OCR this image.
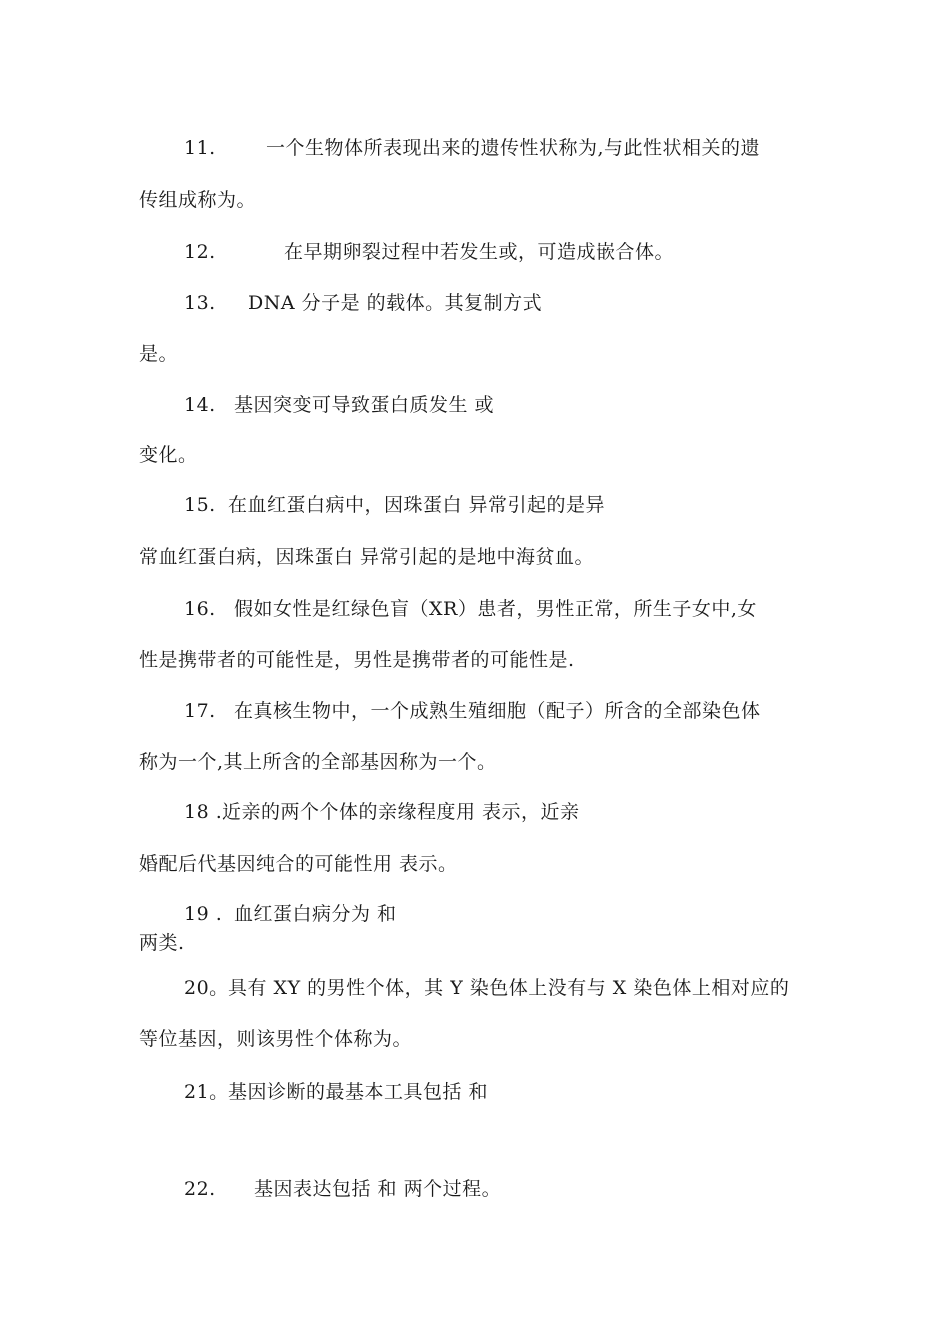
11.	一个生物体所表现出来的遗传性状称为,与此性状相关的遗
传组成称为。
12.	在早期卵裂过程中若发生或，可造成嵌合体。
13. DNA 分子是 的载体。其复制方式
是。
14. 基因突变可导致蛋白质发生 或
变化。
15. 在血红蛋白病中，因珠蛋白 异常引起的是异
常血红蛋白病，因珠蛋白 异常引起的是地中海贫血。
16. 假如女性是红绿色盲（XR）患者，男性正常，所生子女中,女
性是携带者的可能性是，男性是携带者的可能性是.
17. 在真核生物中，一个成熟生殖细胞（配子）所含的全部染色体
称为一个,其上所含的全部基因称为一个。
18 .近亲的两个个体的亲缘程度用 表示，近亲
婚配后代基因纯合的可能性用 表示。
19 . 血红蛋白病分为 和
两类.
20。具有 XY 的男性个体，其 Y 染色体上没有与 X 染色体上相对应的
等位基因，则该男性个体称为。
21。基因诊断的最基本工具包括 和
22. 基因表达包括 和 两个过程。
